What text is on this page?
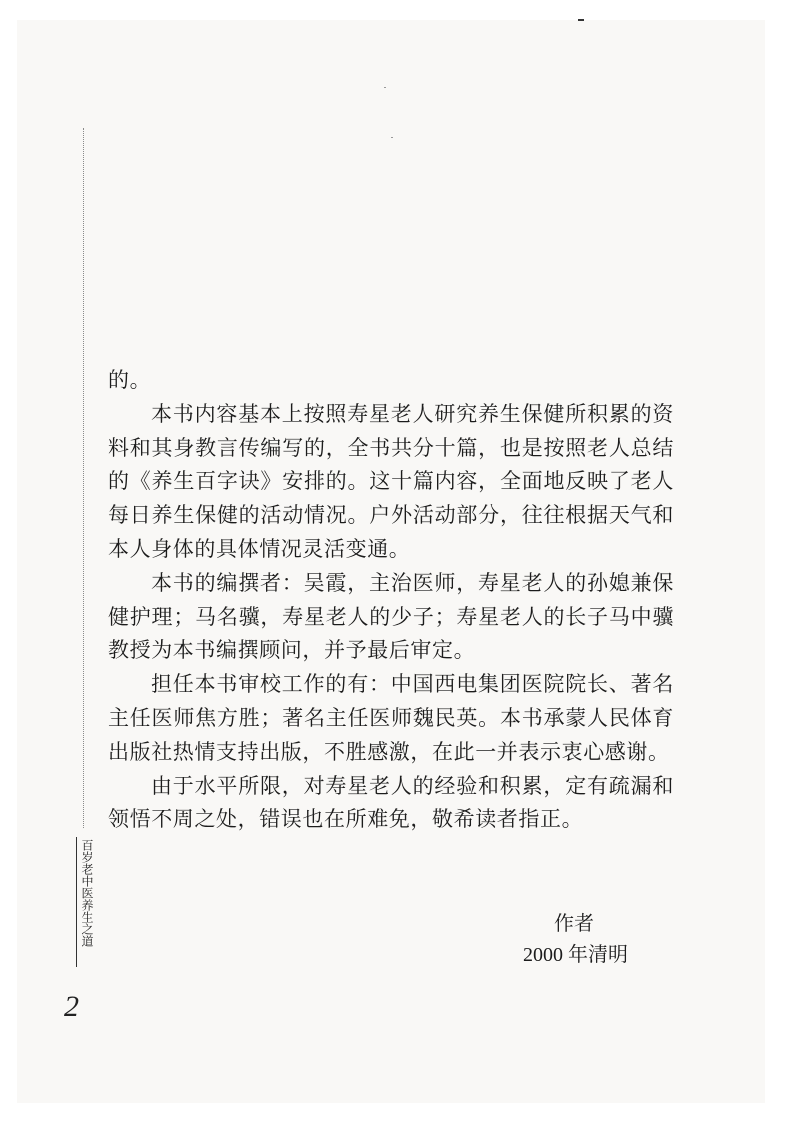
百岁老中医养生之道
2

的。

本书内容基本上按照寿星老人研究养生保健所积累的资料和其身教言传编写的，全书共分十篇，也是按照老人总结的《养生百字诀》安排的。这十篇内容，全面地反映了老人每日养生保健的活动情况。户外活动部分，往往根据天气和本人身体的具体情况灵活变通。

本书的编撰者：吴霞，主治医师，寿星老人的孙媳兼保健护理；马名骥，寿星老人的少子；寿星老人的长子马中骥教授为本书编撰顾问，并予最后审定。

担任本书审校工作的有：中国西电集团医院院长、著名主任医师焦方胜；著名主任医师魏民英。本书承蒙人民体育出版社热情支持出版，不胜感激，在此一并表示衷心感谢。

由于水平所限，对寿星老人的经验和积累，定有疏漏和领悟不周之处，错误也在所难免，敬希读者指正。

作者
2000 年清明
